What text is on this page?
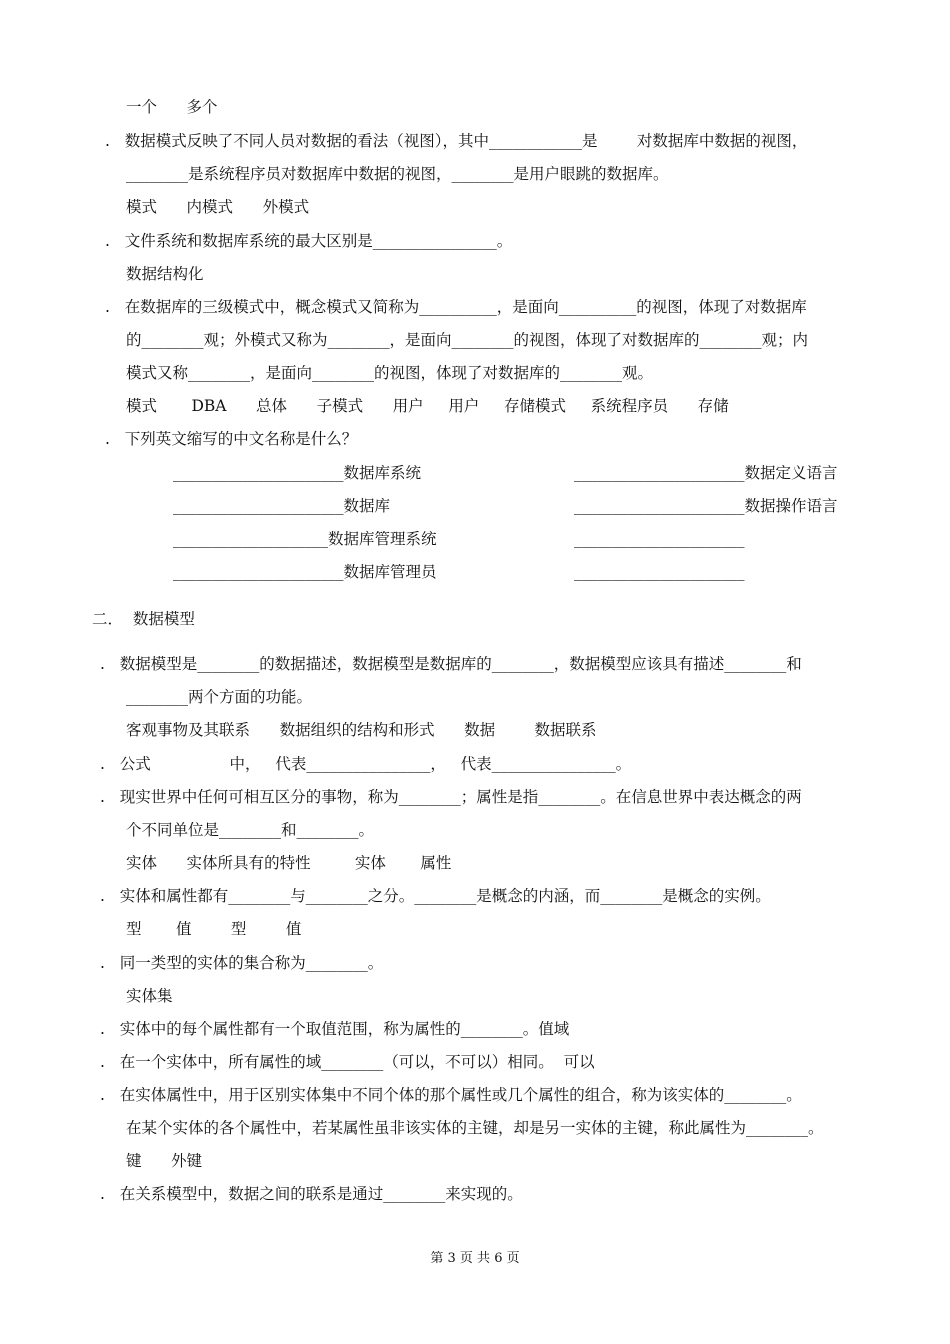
一个      多个
.   数据模式反映了不同人员对数据的看法（视图），其中____________是        对数据库中数据的视图，
________是系统程序员对数据库中数据的视图，________是用户眼跳的数据库。
模式      内模式      外模式
.   文件系统和数据库系统的最大区别是________________。
数据结构化
.   在数据库的三级模式中，概念模式又简称为__________，是面向__________的视图，体现了对数据库
的________观；外模式又称为________，是面向________的视图，体现了对数据库的________观；内
模式又称________，是面向________的视图，体现了对数据库的________观。
模式       DBA      总体      子模式      用户     用户     存储模式     系统程序员      存储
.   下列英文缩写的中文名称是什么？
______________________数据库系统	______________________数据定义语言
______________________数据库	______________________数据操作语言
____________________数据库管理系统	______________________
______________________数据库管理员	______________________
二．  数据模型
.   数据模型是________的数据描述，数据模型是数据库的________，数据模型应该具有描述________和
________两个方面的功能。
客观事物及其联系      数据组织的结构和形式      数据        数据联系
.   公式                中，   代表________________，   代表________________。
.   现实世界中任何可相互区分的事物，称为________；属性是指________。在信息世界中表达概念的两
个不同单位是________和________。
实体      实体所具有的特性         实体       属性
.   实体和属性都有________与________之分。________是概念的内涵，而________是概念的实例。
型       值        型        值
.   同一类型的实体的集合称为________。
实体集
.   实体中的每个属性都有一个取值范围，称为属性的________。值域
.   在一个实体中，所有属性的域________（可以，不可以）相同。  可以
.   在实体属性中，用于区别实体集中不同个体的那个属性或几个属性的组合，称为该实体的________。
在某个实体的各个属性中，若某属性虽非该实体的主键，却是另一实体的主键，称此属性为________。
键      外键
.   在关系模型中，数据之间的联系是通过________来实现的。
第 3 页 共 6 页
